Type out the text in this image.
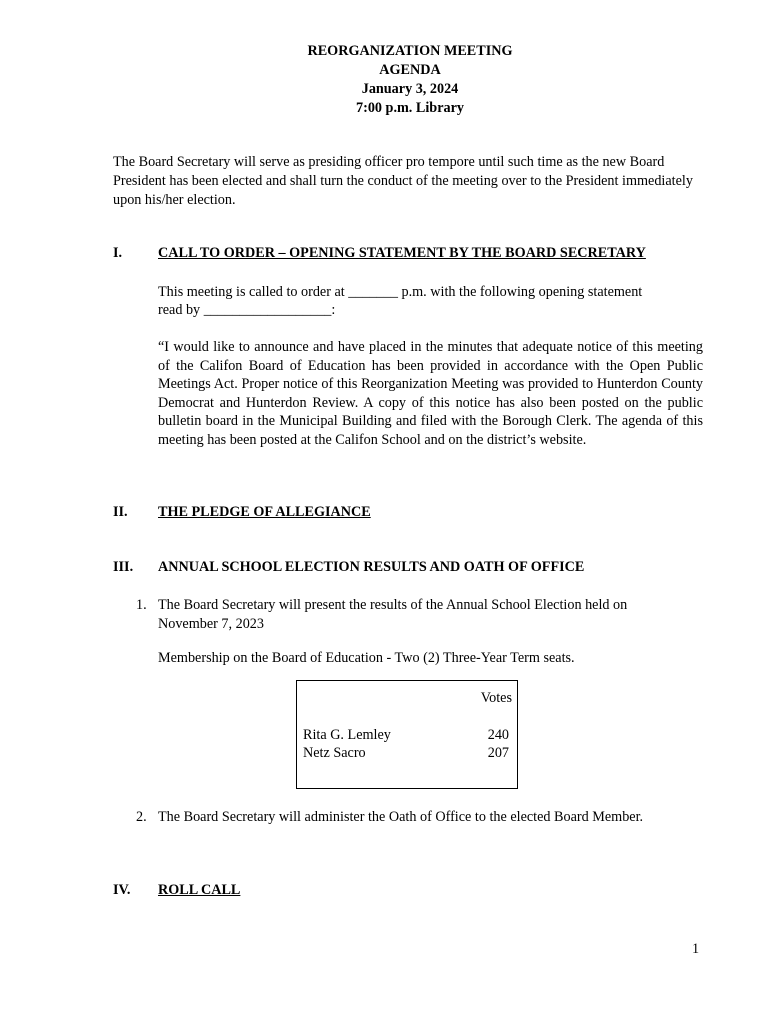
REORGANIZATION MEETING
AGENDA
January 3, 2024
7:00 p.m. Library
The Board Secretary will serve as presiding officer pro tempore until such time as the new Board President has been elected and shall turn the conduct of the meeting over to the President immediately upon his/her election.
I.	CALL TO ORDER – OPENING STATEMENT BY THE BOARD SECRETARY
This meeting is called to order at _______ p.m. with the following opening statement
read by __________________:
“I would like to announce and have placed in the minutes that adequate notice of this meeting of the Califon Board of Education has been provided in accordance with the Open Public Meetings Act. Proper notice of this Reorganization Meeting was provided to Hunterdon County Democrat and Hunterdon Review. A copy of this notice has also been posted on the public bulletin board in the Municipal Building and filed with the Borough Clerk. The agenda of this meeting has been posted at the Califon School and on the district’s website.
II. THE PLEDGE OF ALLEGIANCE
III. ANNUAL SCHOOL ELECTION RESULTS AND OATH OF OFFICE
1. The Board Secretary will present the results of the Annual School Election held on November 7, 2023
Membership on the Board of Education - Two (2) Three-Year Term seats.
Votes
Rita G. Lemley	240
Netz Sacro	207
2. The Board Secretary will administer the Oath of Office to the elected Board Member.
IV. ROLL CALL
1
